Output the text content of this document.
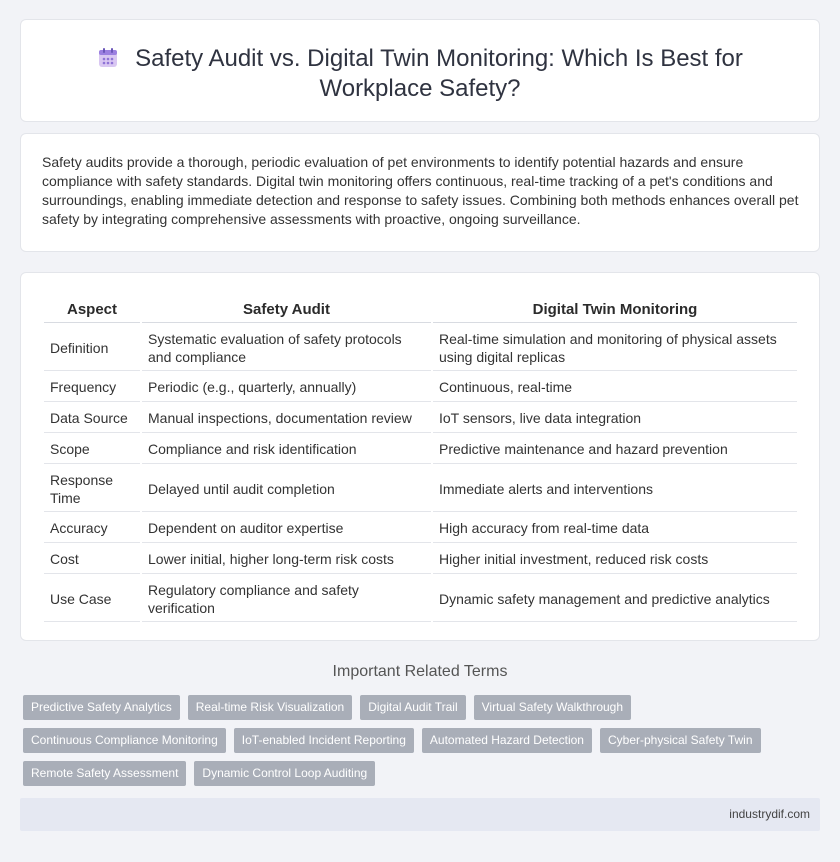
Safety Audit vs. Digital Twin Monitoring: Which Is Best for Workplace Safety?

Safety audits provide a thorough, periodic evaluation of pet environments to identify potential hazards and ensure compliance with safety standards. Digital twin monitoring offers continuous, real-time tracking of a pet's conditions and surroundings, enabling immediate detection and response to safety issues. Combining both methods enhances overall pet safety by integrating comprehensive assessments with proactive, ongoing surveillance.

Aspect	Safety Audit	Digital Twin Monitoring
Definition	Systematic evaluation of safety protocols and compliance	Real-time simulation and monitoring of physical assets using digital replicas
Frequency	Periodic (e.g., quarterly, annually)	Continuous, real-time
Data Source	Manual inspections, documentation review	IoT sensors, live data integration
Scope	Compliance and risk identification	Predictive maintenance and hazard prevention
Response Time	Delayed until audit completion	Immediate alerts and interventions
Accuracy	Dependent on auditor expertise	High accuracy from real-time data
Cost	Lower initial, higher long-term risk costs	Higher initial investment, reduced risk costs
Use Case	Regulatory compliance and safety verification	Dynamic safety management and predictive analytics
Important Related Terms
Predictive Safety Analytics	Real-time Risk Visualization	Digital Audit Trail	Virtual Safety Walkthrough
Continuous Compliance Monitoring	IoT-enabled Incident Reporting	Automated Hazard Detection	Cyber-physical Safety Twin
Remote Safety Assessment	Dynamic Control Loop Auditing
industrydif.com
